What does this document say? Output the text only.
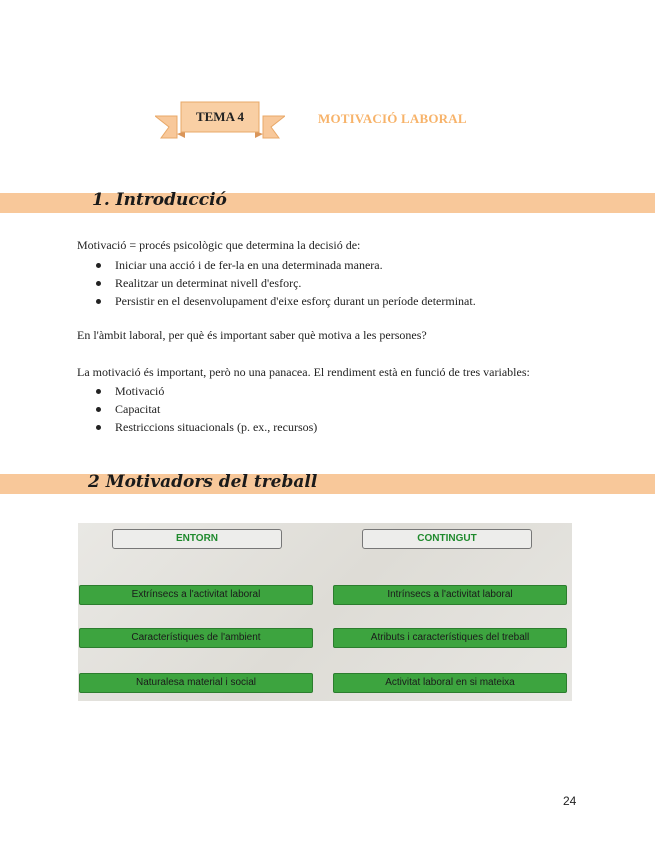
TEMA 4	MOTIVACIÓ LABORAL
1. Introducció
Motivació = procés psicològic que determina la decisió de:
Iniciar una acció i de fer-la en una determinada manera.
Realitzar un determinat nivell d'esforç.
Persistir en el desenvolupament d'eixe esforç durant un període determinat.
En l'àmbit laboral, per què és important saber què motiva a les persones?
La motivació és important, però no una panacea. El rendiment està en funció de tres variables:
Motivació
Capacitat
Restriccions situacionals (p. ex., recursos)
2 Motivadors del treball
ENTORN	CONTINGUT
Extrínsecs a l'activitat laboral
Característiques de l'ambient
Naturalesa material i social
Intrínsecs a l'activitat laboral
Atributs i característiques del treball
Activitat laboral en si mateixa
24
